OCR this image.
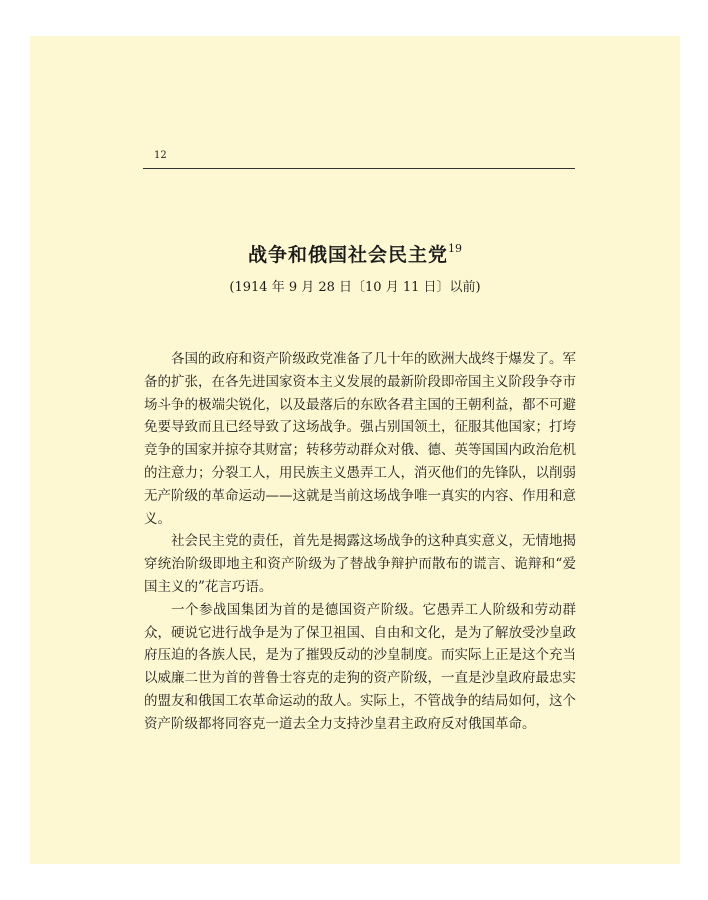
12
战争和俄国社会民主党$^{19}$
(1914 年 9 月 28 日〔10 月 11 日〕以前)

各国的政府和资产阶级政党准备了几十年的欧洲大战终于爆发了。军备的扩张，在各先进国家资本主义发展的最新阶段即帝国主义阶段争夺市场斗争的极端尖锐化，以及最落后的东欧各君主国的王朝利益，都不可避免要导致而且已经导致了这场战争。强占别国领土，征服其他国家；打垮竞争的国家并掠夺其财富；转移劳动群众对俄、德、英等国国内政治危机的注意力；分裂工人，用民族主义愚弄工人，消灭他们的先锋队，以削弱无产阶级的革命运动——这就是当前这场战争唯一真实的内容、作用和意义。

社会民主党的责任，首先是揭露这场战争的这种真实意义，无情地揭穿统治阶级即地主和资产阶级为了替战争辩护而散布的谎言、诡辩和“爱国主义的”花言巧语。

一个参战国集团为首的是德国资产阶级。它愚弄工人阶级和劳动群众，硬说它进行战争是为了保卫祖国、自由和文化，是为了解放受沙皇政府压迫的各族人民，是为了摧毁反动的沙皇制度。而实际上正是这个充当以威廉二世为首的普鲁士容克的走狗的资产阶级，一直是沙皇政府最忠实的盟友和俄国工农革命运动的敌人。实际上，不管战争的结局如何，这个资产阶级都将同容克一道去全力支持沙皇君主政府反对俄国革命。
